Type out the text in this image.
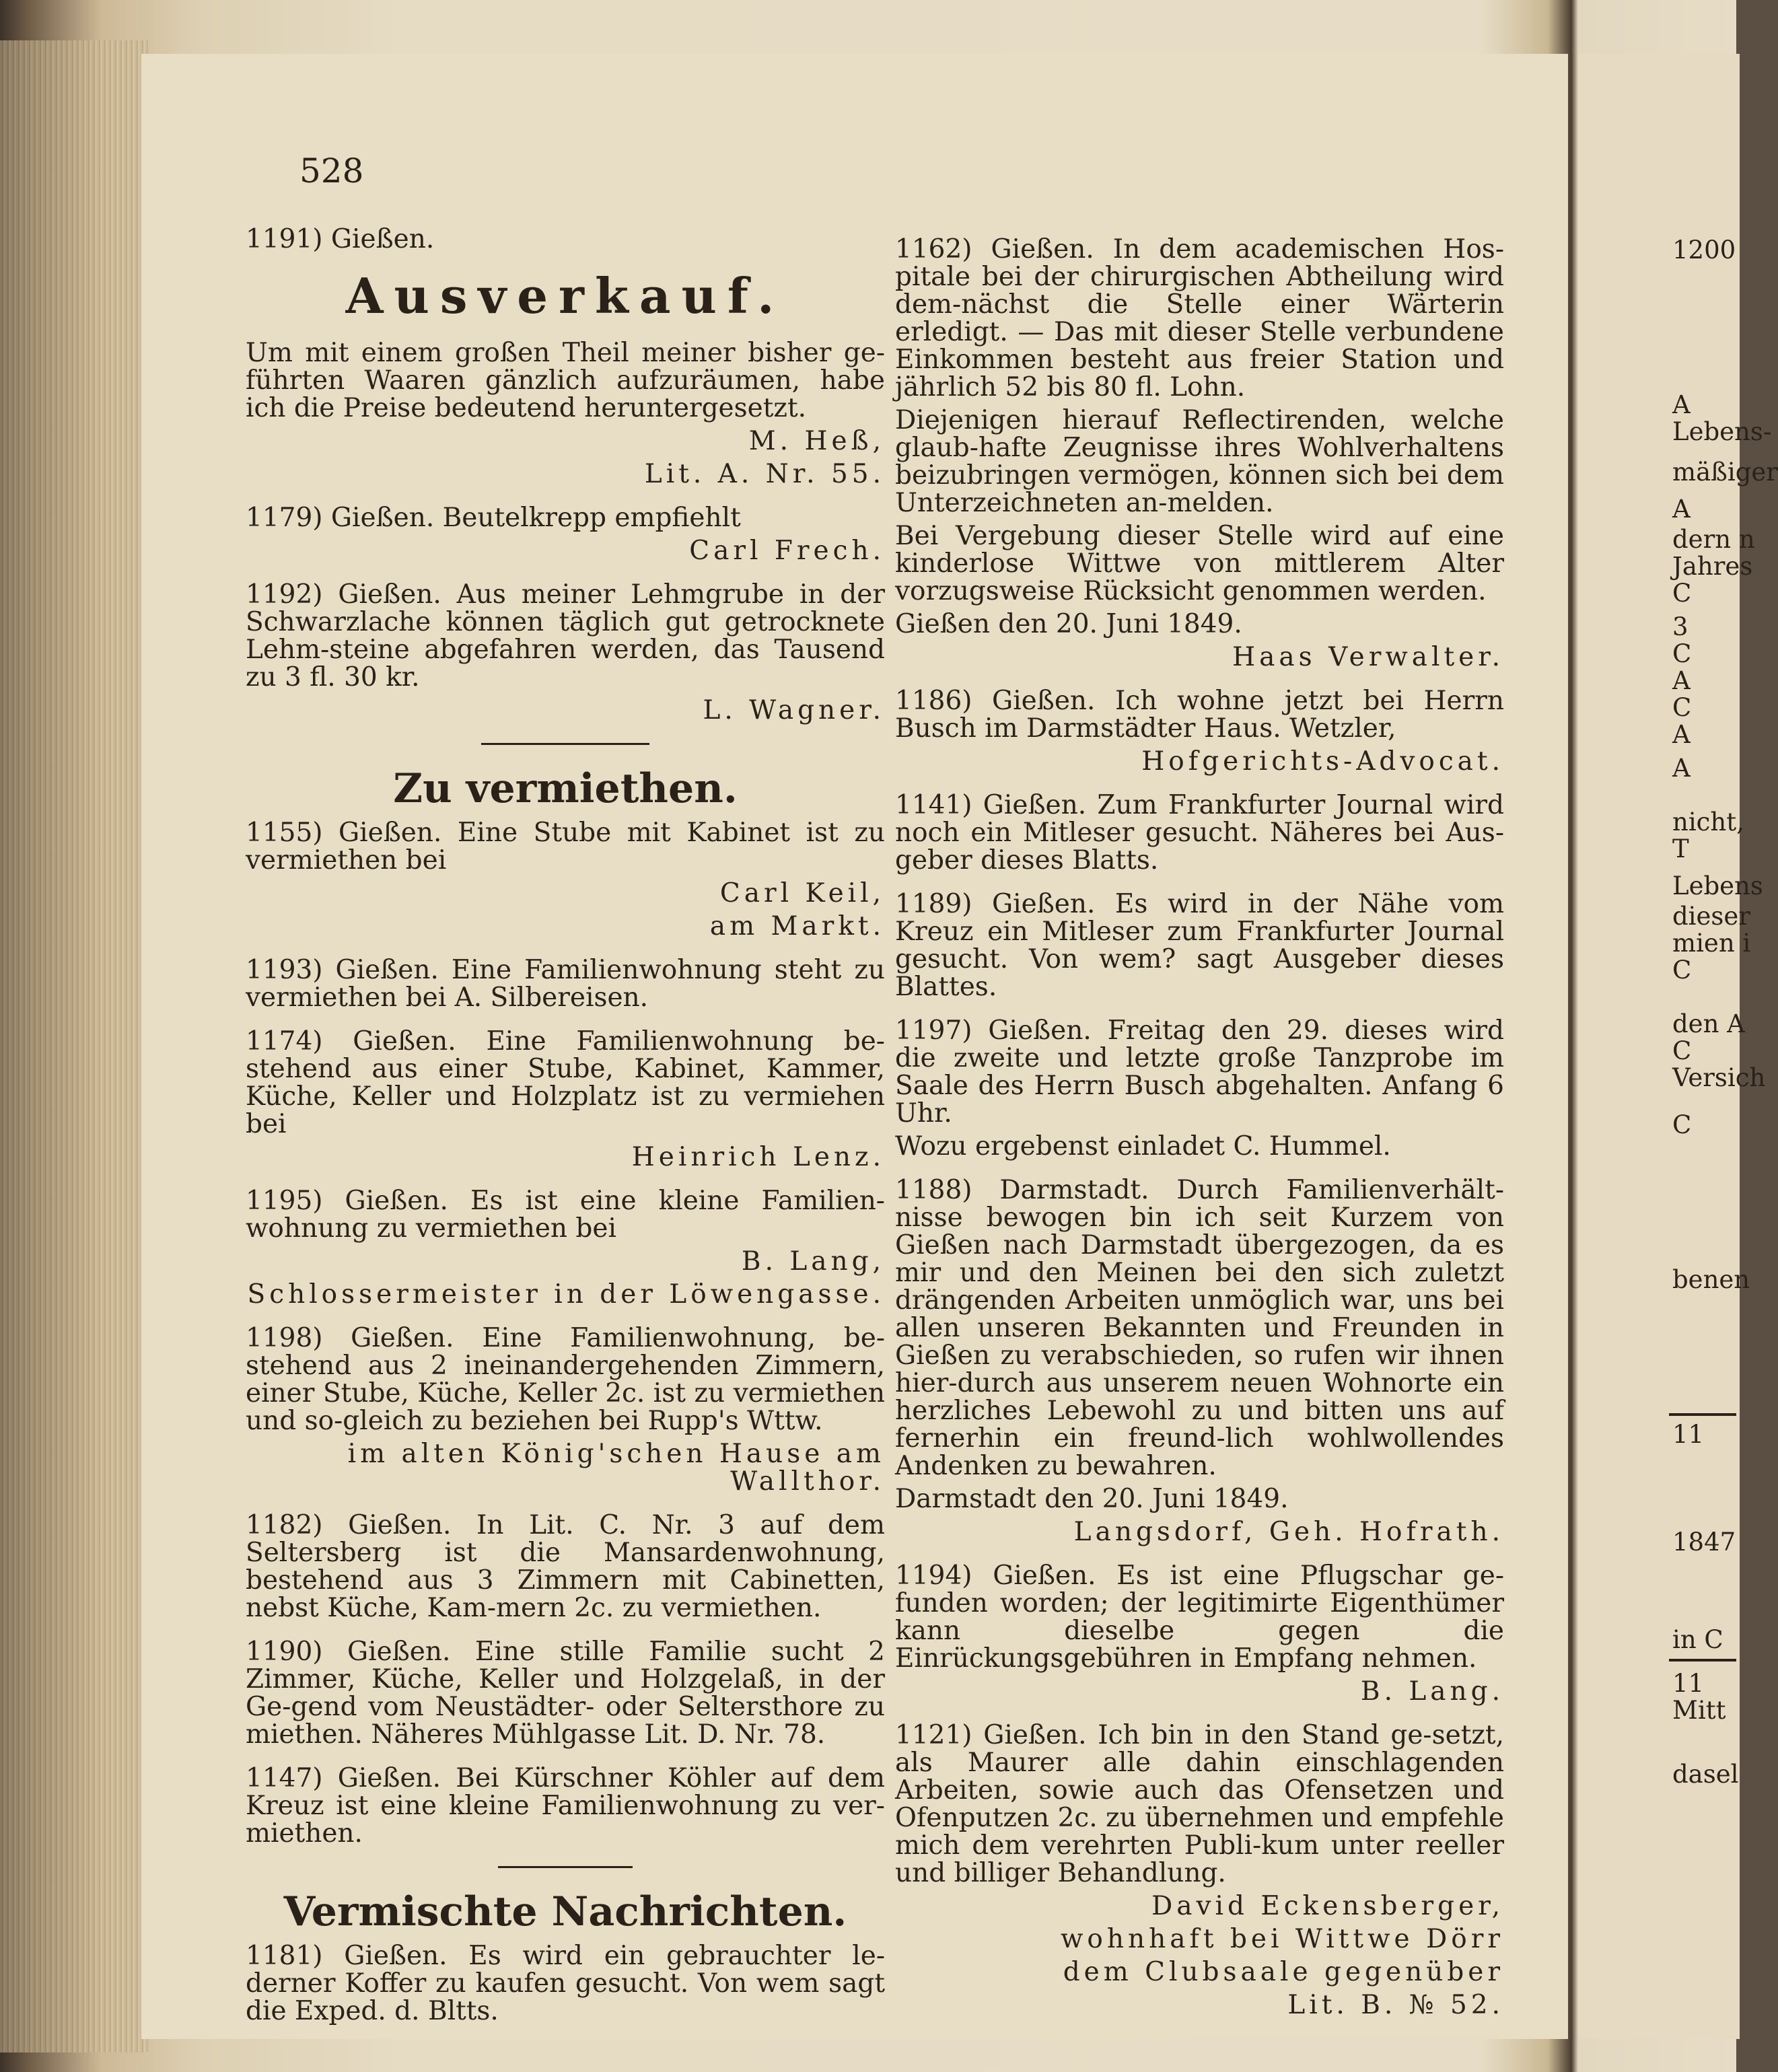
528

1191) Gießen.

Ausverkauf.

Um mit einem großen Theil meiner bisher ge-führten Waaren gänzlich aufzuräumen, habe ich die Preise bedeutend heruntergesetzt.

M. Heß,

Lit. A. Nr. 55.

1179) Gießen. Beutelkrepp empfiehlt

Carl Frech.

1192) Gießen. Aus meiner Lehmgrube in der Schwarzlache können täglich gut getrocknete Lehm-steine abgefahren werden, das Tausend zu 3 fl. 30 kr.

L. Wagner.

Zu vermiethen.

1155) Gießen. Eine Stube mit Kabinet ist zu vermiethen bei

Carl Keil,

am Markt.

1193) Gießen. Eine Familienwohnung steht zu vermiethen bei A. Silbereisen.

1174) Gießen. Eine Familienwohnung be-stehend aus einer Stube, Kabinet, Kammer, Küche, Keller und Holzplatz ist zu vermiehen bei

Heinrich Lenz.

1195) Gießen. Es ist eine kleine Familien-wohnung zu vermiethen bei

B. Lang,

Schlossermeister in der Löwengasse.

1198) Gießen. Eine Familienwohnung, be-stehend aus 2 ineinandergehenden Zimmern, einer Stube, Küche, Keller 2c. ist zu vermiethen und so-gleich zu beziehen bei Rupp's Wttw.

im alten König'schen Hause am Wallthor.

1182) Gießen. In Lit. C. Nr. 3 auf dem Seltersberg ist die Mansardenwohnung, bestehend aus 3 Zimmern mit Cabinetten, nebst Küche, Kam-mern 2c. zu vermiethen.

1190) Gießen. Eine stille Familie sucht 2 Zimmer, Küche, Keller und Holzgelaß, in der Ge-gend vom Neustädter- oder Seltersthore zu miethen. Näheres Mühlgasse Lit. D. Nr. 78.

1147) Gießen. Bei Kürschner Köhler auf dem Kreuz ist eine kleine Familienwohnung zu ver-miethen.

Vermischte Nachrichten.

1181) Gießen. Es wird ein gebrauchter le-derner Koffer zu kaufen gesucht. Von wem sagt die Exped. d. Bltts.

1162) Gießen. In dem academischen Hos-pitale bei der chirurgischen Abtheilung wird dem-nächst die Stelle einer Wärterin erledigt. — Das mit dieser Stelle verbundene Einkommen besteht aus freier Station und jährlich 52 bis 80 fl. Lohn.

Diejenigen hierauf Reflectirenden, welche glaub-hafte Zeugnisse ihres Wohlverhaltens beizubringen vermögen, können sich bei dem Unterzeichneten an-melden.

Bei Vergebung dieser Stelle wird auf eine kinderlose Wittwe von mittlerem Alter vorzugsweise Rücksicht genommen werden.

Gießen den 20. Juni 1849.

Haas Verwalter.

1186) Gießen. Ich wohne jetzt bei Herrn Busch im Darmstädter Haus. Wetzler,

Hofgerichts-Advocat.

1141) Gießen. Zum Frankfurter Journal wird noch ein Mitleser gesucht. Näheres bei Aus-geber dieses Blatts.

1189) Gießen. Es wird in der Nähe vom Kreuz ein Mitleser zum Frankfurter Journal gesucht. Von wem? sagt Ausgeber dieses Blattes.

1197) Gießen. Freitag den 29. dieses wird die zweite und letzte große Tanzprobe im Saale des Herrn Busch abgehalten. Anfang 6 Uhr.

Wozu ergebenst einladet C. Hummel.

1188) Darmstadt. Durch Familienverhält-nisse bewogen bin ich seit Kurzem von Gießen nach Darmstadt übergezogen, da es mir und den Meinen bei den sich zuletzt drängenden Arbeiten unmöglich war, uns bei allen unseren Bekannten und Freunden in Gießen zu verabschieden, so rufen wir ihnen hier-durch aus unserem neuen Wohnorte ein herzliches Lebewohl zu und bitten uns auf fernerhin ein freund-lich wohlwollendes Andenken zu bewahren.

Darmstadt den 20. Juni 1849.

Langsdorf, Geh. Hofrath.

1194) Gießen. Es ist eine Pflugschar ge-funden worden; der legitimirte Eigenthümer kann dieselbe gegen die Einrückungsgebühren in Empfang nehmen.

B. Lang.

1121) Gießen. Ich bin in den Stand ge-setzt, als Maurer alle dahin einschlagenden Arbeiten, sowie auch das Ofensetzen und Ofenputzen 2c. zu übernehmen und empfehle mich dem verehrten Publi-kum unter reeller und billiger Behandlung.

David Eckensberger,

wohnhaft bei Wittwe Dörr

dem Clubsaale gegenüber

Lit. B. № 52.

1200
A
Lebens-
mäßiger
A
dern n
Jahres
C
3
C
A
C
A
A
nicht,
T
Lebens
dieser
mien i
C
den A
C
Versich
C
benen
11
1847
in C
11
Mitt
dasel
